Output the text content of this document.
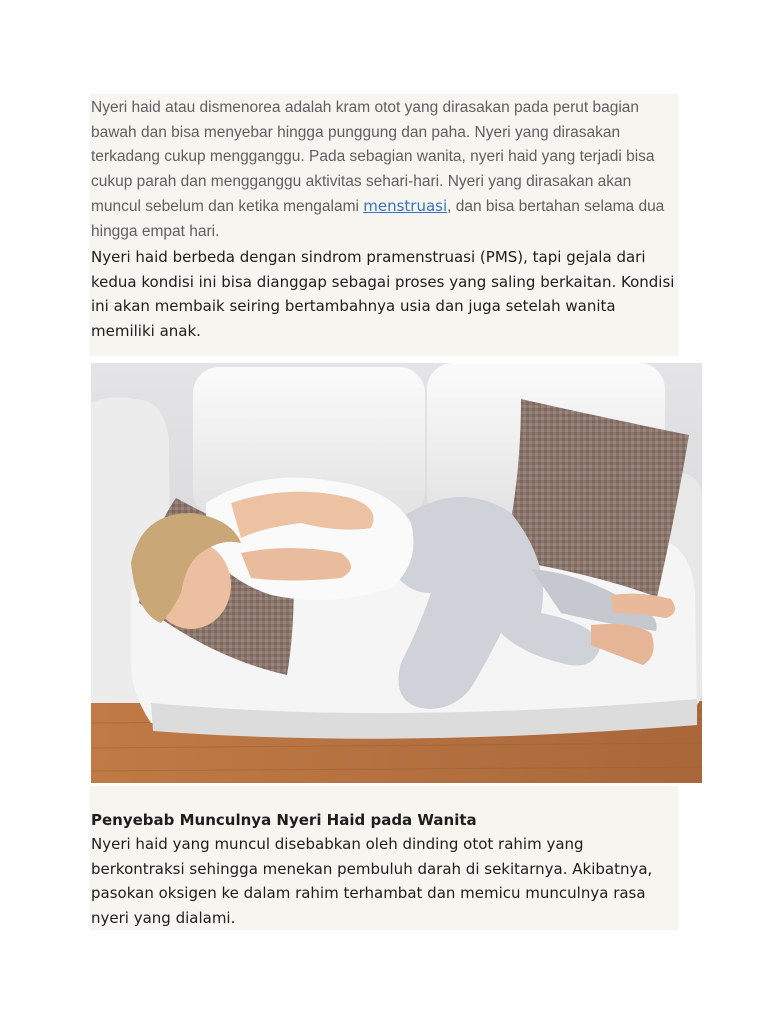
Nyeri haid atau dismenorea adalah kram otot yang dirasakan pada perut bagian bawah dan bisa menyebar hingga punggung dan paha. Nyeri yang dirasakan terkadang cukup mengganggu. Pada sebagian wanita, nyeri haid yang terjadi bisa cukup parah dan mengganggu aktivitas sehari-hari. Nyeri yang dirasakan akan muncul sebelum dan ketika mengalami menstruasi, dan bisa bertahan selama dua hingga empat hari.

Nyeri haid berbeda dengan sindrom pramenstruasi (PMS), tapi gejala dari kedua kondisi ini bisa dianggap sebagai proses yang saling berkaitan. Kondisi ini akan membaik seiring bertambahnya usia dan juga setelah wanita memiliki anak.

Penyebab Munculnya Nyeri Haid pada Wanita

Nyeri haid yang muncul disebabkan oleh dinding otot rahim yang berkontraksi sehingga menekan pembuluh darah di sekitarnya. Akibatnya, pasokan oksigen ke dalam rahim terhambat dan memicu munculnya rasa nyeri yang dialami.
